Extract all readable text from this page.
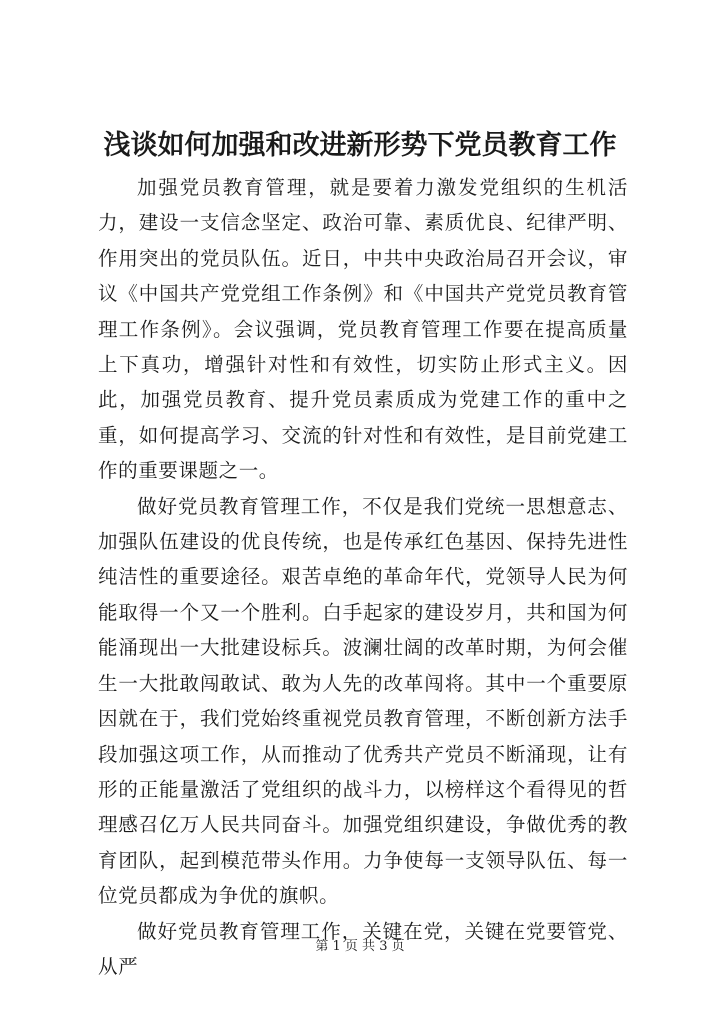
浅谈如何加强和改进新形势下党员教育工作

加强党员教育管理，就是要着力激发党组织的生机活力，建设一支信念坚定、政治可靠、素质优良、纪律严明、作用突出的党员队伍。近日，中共中央政治局召开会议，审议《中国共产党党组工作条例》和《中国共产党党员教育管理工作条例》。会议强调，党员教育管理工作要在提高质量上下真功，增强针对性和有效性，切实防止形式主义。因此，加强党员教育、提升党员素质成为党建工作的重中之重，如何提高学习、交流的针对性和有效性，是目前党建工作的重要课题之一。

做好党员教育管理工作，不仅是我们党统一思想意志、加强队伍建设的优良传统，也是传承红色基因、保持先进性纯洁性的重要途径。艰苦卓绝的革命年代，党领导人民为何能取得一个又一个胜利。白手起家的建设岁月，共和国为何能涌现出一大批建设标兵。波澜壮阔的改革时期，为何会催生一大批敢闯敢试、敢为人先的改革闯将。其中一个重要原因就在于，我们党始终重视党员教育管理，不断创新方法手段加强这项工作，从而推动了优秀共产党员不断涌现，让有形的正能量激活了党组织的战斗力，以榜样这个看得见的哲理感召亿万人民共同奋斗。加强党组织建设，争做优秀的教育团队，起到模范带头作用。力争使每一支领导队伍、每一位党员都成为争优的旗帜。

做好党员教育管理工作，关键在党，关键在党要管党、从严

第 1 页 共 3 页
